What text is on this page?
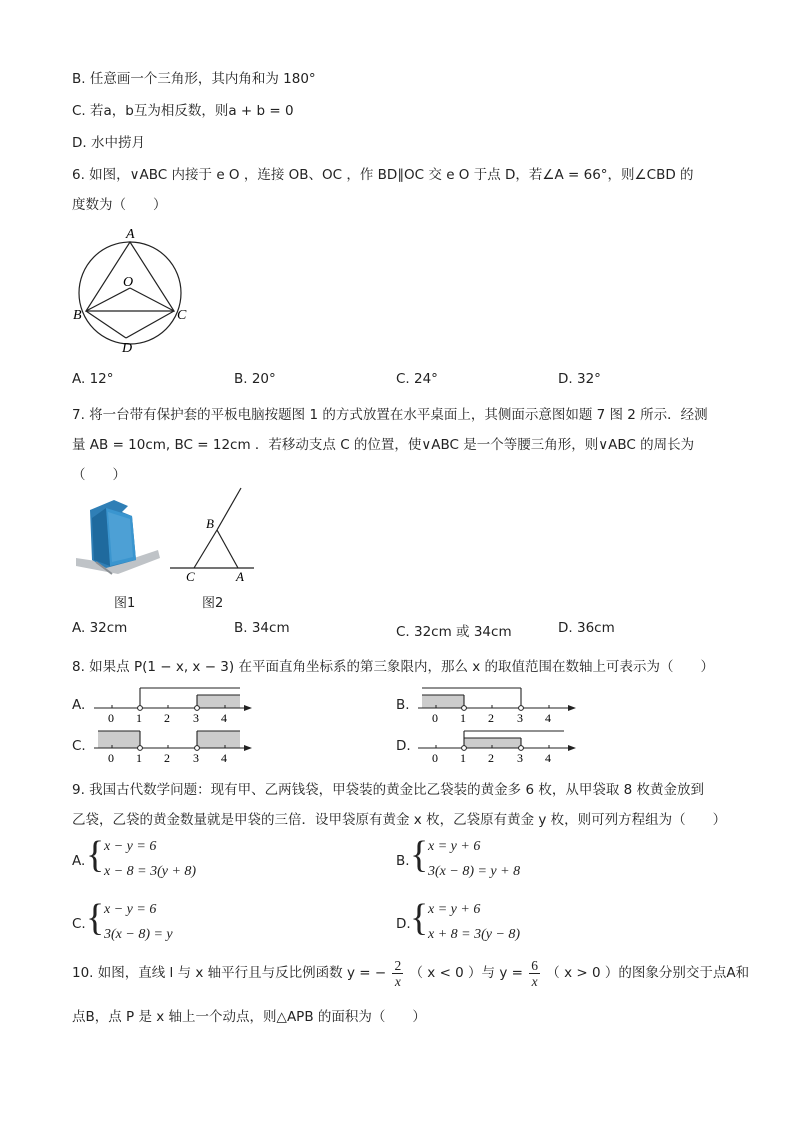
B. 任意画一个三角形，其内角和为 180°
C. 若a，b互为相反数，则a + b = 0
D. 水中捞月
6. 如图，∨ABC 内接于 e O ，连接 OB、OC ，作 BD∥OC 交 e O 于点 D，若∠A = 66°，则∠CBD 的
度数为（　　）
A
O
B	C
D
A. 12°	B. 20°	C. 24°	D. 32°
7. 将一台带有保护套的平板电脑按题图 1 的方式放置在水平桌面上，其侧面示意图如题 7 图 2 所示．经测
量 AB = 10cm, BC = 12cm ．若移动支点 C 的位置，使∨ABC 是一个等腰三角形，则∨ABC 的周长为
（　　）
B
C	A
图1	图2
A. 32cm	B. 34cm	C. 32cm 或 34cm	D. 36cm
8. 如果点 P(1 − x, x − 3) 在平面直角坐标系的第三象限内，那么 x 的取值范围在数轴上可表示为（　　）
A.
0 1 2 3 4
B.
0 1 2 3 4
C.
0 1 2 3 4
D.
0 1 2 3 4
9. 我国古代数学问题：现有甲、乙两钱袋，甲袋装的黄金比乙袋装的黄金多 6 枚，从甲袋取 8 枚黄金放到
乙袋，乙袋的黄金数量就是甲袋的三倍．设甲袋原有黄金 x 枚，乙袋原有黄金 y 枚，则可列方程组为（　　）
A. { x − y = 6
x − 8 = 3(y + 8)
B. { x = y + 6
3(x − 8) = y + 8
C. { x − y = 6
3(x − 8) = y
D. { x = y + 6
x + 8 = 3(y − 8)
10. 如图，直线 l 与 x 轴平行且与反比例函数 y = − $\frac{2}{x}$ （ x < 0 ）与 $y = \frac{6}{x}$ （ x > 0 ）的图象分别交于点A和
点B，点 P 是 x 轴上一个动点，则△APB 的面积为（　　）
